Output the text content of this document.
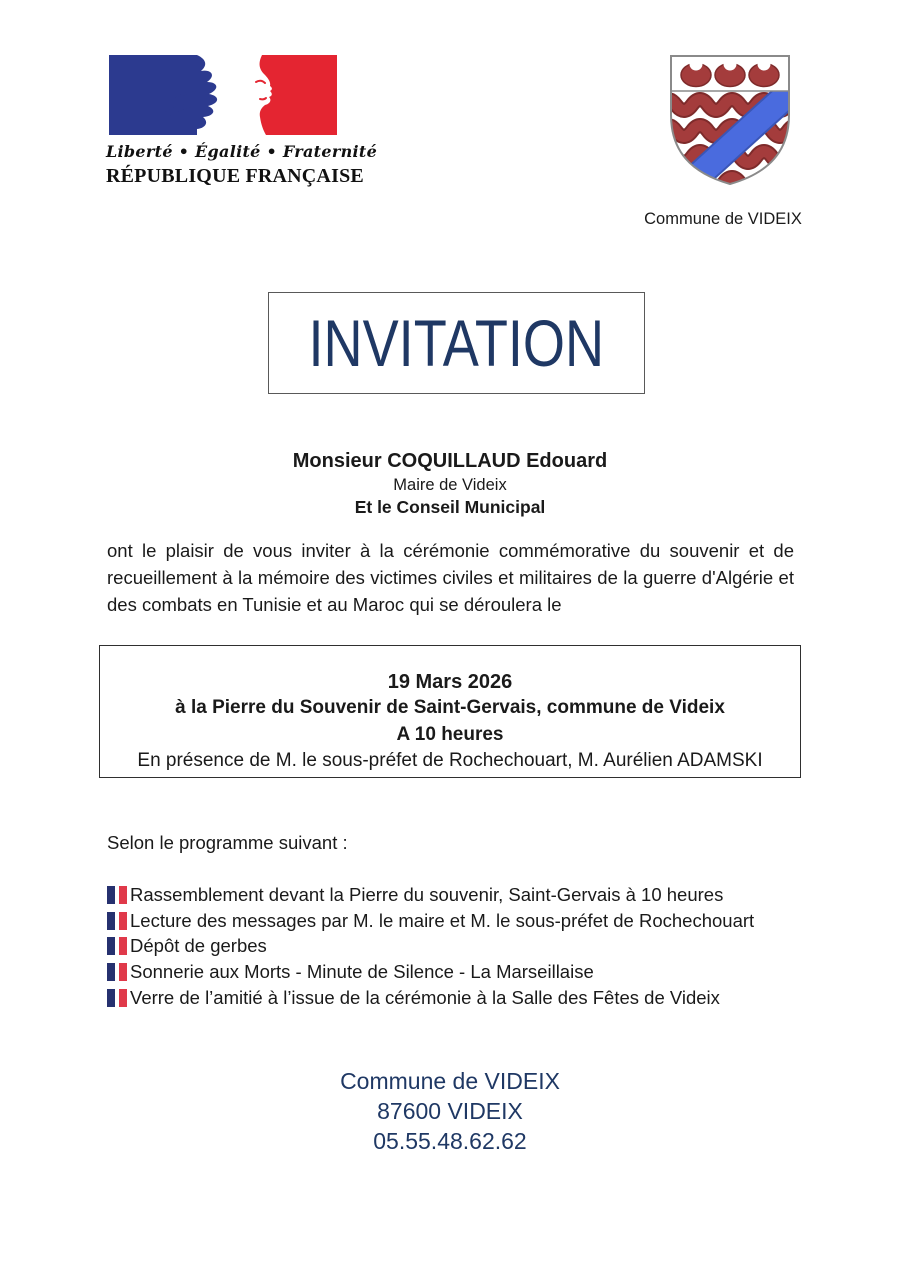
Liberté • Égalité • Fraternité
RÉPUBLIQUE FRANÇAISE
Commune de VIDEIX
INVITATION
Monsieur COQUILLAUD Edouard
Maire de Videix
Et le Conseil Municipal

ont le plaisir de vous inviter à la cérémonie commémorative du souvenir et de recueillement à la mémoire des victimes civiles et militaires de la guerre d'Algérie et des combats en Tunisie et au Maroc qui se déroulera le

19 Mars 2026
à la Pierre du Souvenir de Saint-Gervais, commune de Videix
A 10 heures
En présence de M. le sous-préfet de Rochechouart, M. Aurélien ADAMSKI
Selon le programme suivant :
Rassemblement devant la Pierre du souvenir, Saint-Gervais à 10 heures
Lecture des messages par M. le maire et M. le sous-préfet de Rochechouart
Dépôt de gerbes
Sonnerie aux Morts - Minute de Silence - La Marseillaise
Verre de l’amitié à l’issue de la cérémonie à la Salle des Fêtes de Videix
Commune de VIDEIX
87600 VIDEIX
05.55.48.62.62
